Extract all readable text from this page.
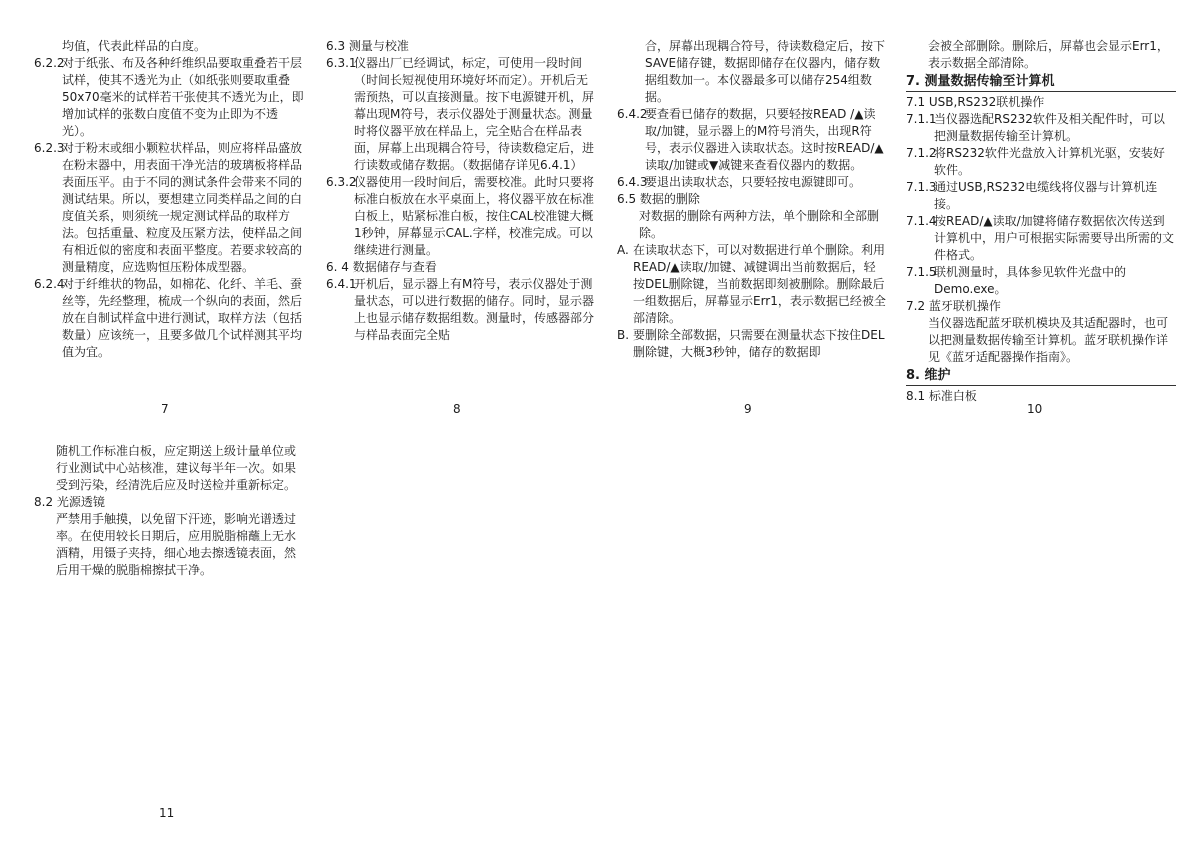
均值，代表此样品的白度。
6.2.2
对于纸张、布及各种纤维织品要取重叠若干层试样，使其不透光为止（如纸张则要取重叠50x70毫米的试样若干张使其不透光为止，即增加试样的张数白度值不变为止即为不透光）。
6.2.3
对于粉末或细小颗粒状样品，则应将样品盛放在粉末器中，用表面干净光洁的玻璃板将样品表面压平。由于不同的测试条件会带来不同的测试结果。所以，要想建立同类样品之间的白度值关系，则须统一规定测试样品的取样方法。包括重量、粒度及压紧方法，使样品之间有相近似的密度和表面平整度。若要求较高的测量精度，应选购恒压粉体成型器。
6.2.4
对于纤维状的物品，如棉花、化纤、羊毛、蚕丝等，先经整理，梳成一个纵向的表面，然后放在自制试样盒中进行测试，取样方法（包括数量）应该统一，且要多做几个试样测其平均值为宜。
6.3 测量与校准
6.3.1
仪器出厂已经调试，标定，可使用一段时间（时间长短视使用环境好坏而定）。开机后无需预热，可以直接测量。按下电源键开机，屏幕出现M符号，表示仪器处于测量状态。测量时将仪器平放在样品上，完全贴合在样品表面，屏幕上出现耦合符号，待读数稳定后，进行读数或储存数据。（数据储存详见6.4.1）
6.3.2
仪器使用一段时间后，需要校准。此时只要将标准白板放在水平桌面上，将仪器平放在标准白板上，贴紧标准白板，按住CAL校准键大概1秒钟，屏幕显示CAL.字样，校准完成。可以继续进行测量。
6. 4 数据储存与查看
6.4.1
开机后，显示器上有M符号，表示仪器处于测量状态，可以进行数据的储存。同时，显示器上也显示储存数据组数。测量时，传感器部分与样品表面完全贴
合，屏幕出现耦合符号，待读数稳定后，按下SAVE储存键，数据即储存在仪器内，储存数据组数加一。本仪器最多可以储存254组数据。
6.4.2
要查看已储存的数据，只要轻按READ /▲读取/加键，显示器上的M符号消失，出现R符号，表示仪器进入读取状态。这时按READ/▲读取/加键或▼减键来查看仪器内的数据。
6.4.3
要退出读取状态，只要轻按电源键即可。
6.5 数据的删除
对数据的删除有两种方法，单个删除和全部删除。
A. 在读取状态下，可以对数据进行单个删除。利用READ/▲读取/加键、减键调出当前数据后，轻按DEL删除键，当前数据即刻被删除。删除最后一组数据后，屏幕显示Err1，表示数据已经被全部清除。
B. 要删除全部数据，只需要在测量状态下按住DEL删除键，大概3秒钟，储存的数据即
会被全部删除。删除后，屏幕也会显示Err1，表示数据全部清除。
7. 测量数据传输至计算机
7.1 USB,RS232联机操作
7.1.1
当仪器选配RS232软件及相关配件时，可以把测量数据传输至计算机。
7.1.2
将RS232软件光盘放入计算机光驱，安装好软件。
7.1.3
通过USB,RS232电缆线将仪器与计算机连接。
7.1.4
按READ/▲读取/加键将储存数据依次传送到计算机中，用户可根据实际需要导出所需的文件格式。
7.1.5
联机测量时，具体参见软件光盘中的Demo.exe。
7.2 蓝牙联机操作
当仪器选配蓝牙联机模块及其适配器时，也可以把测量数据传输至计算机。蓝牙联机操作详见《蓝牙适配器操作指南》。
8. 维护
8.1 标准白板
随机工作标准白板，应定期送上级计量单位或行业测试中心站核准，建议每半年一次。如果受到污染，经清洗后应及时送检并重新标定。
8.2 光源透镜
严禁用手触摸，以免留下汗迹，影响光谱透过率。在使用较长日期后，应用脱脂棉蘸上无水酒精，用镊子夹持，细心地去擦透镜表面，然后用干燥的脱脂棉擦拭干净。
7	8	9	10
11
